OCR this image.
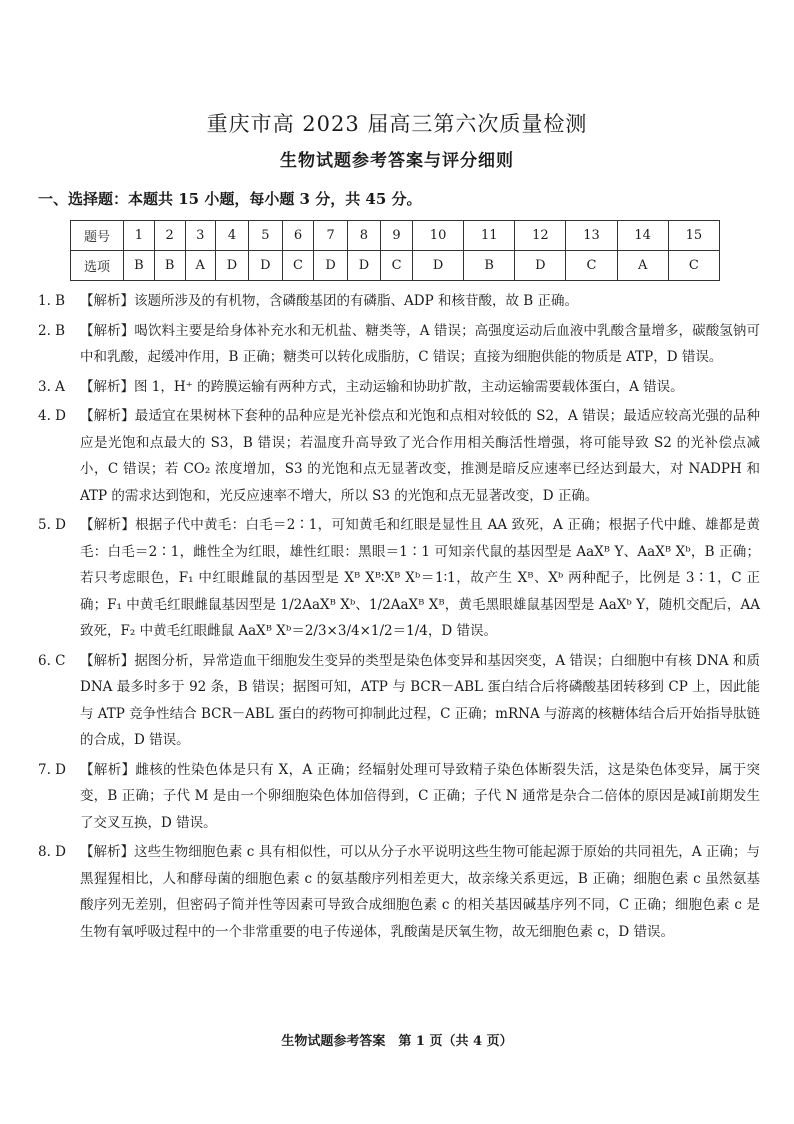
重庆市高 2023 届高三第六次质量检测
生物试题参考答案与评分细则
一、选择题：本题共 15 小题，每小题 3 分，共 45 分。
题号	1	2	3	4	5	6	7	8	9	10	11	12	13	14	15
选项	B	B	A	D	D	C	D	D	C	D	B	D	C	A	C
1. B	【解析】该题所涉及的有机物，含磷酸基团的有磷脂、ADP 和核苷酸，故 B 正确。
2. B	【解析】喝饮料主要是给身体补充水和无机盐、糖类等，A 错误；高强度运动后血液中乳酸含量增多，碳酸氢钠可中和乳酸，起缓冲作用，B 正确；糖类可以转化成脂肪，C 错误；直接为细胞供能的物质是 ATP，D 错误。
3. A	【解析】图 1，H⁺ 的跨膜运输有两种方式，主动运输和协助扩散，主动运输需要载体蛋白，A 错误。
4. D	【解析】最适宜在果树林下套种的品种应是光补偿点和光饱和点相对较低的 S2，A 错误；最适应较高光强的品种应是光饱和点最大的 S3，B 错误；若温度升高导致了光合作用相关酶活性增强，将可能导致 S2 的光补偿点减小，C 错误；若 CO₂ 浓度增加，S3 的光饱和点无显著改变，推测是暗反应速率已经达到最大，对 NADPH 和 ATP 的需求达到饱和，光反应速率不增大，所以 S3 的光饱和点无显著改变，D 正确。
5. D	【解析】根据子代中黄毛：白毛＝2∶1，可知黄毛和红眼是显性且 AA 致死，A 正确；根据子代中雌、雄都是黄毛：白毛＝2∶1，雌性全为红眼，雄性红眼：黑眼＝1∶1 可知亲代鼠的基因型是 AaXᴮ Y、AaXᴮ Xᵇ，B 正确；若只考虑眼色，F₁ 中红眼雌鼠的基因型是 Xᴮ Xᴮ∶Xᴮ Xᵇ＝1∶1，故产生 Xᴮ、Xᵇ 两种配子，比例是 3∶1，C 正确；F₁ 中黄毛红眼雌鼠基因型是 1/2AaXᴮ Xᵇ、1/2AaXᴮ Xᴮ，黄毛黑眼雄鼠基因型是 AaXᵇ Y，随机交配后，AA 致死，F₂ 中黄毛红眼雌鼠 AaXᴮ Xᵇ＝2/3×3/4×1/2＝1/4，D 错误。
6. C	【解析】据图分析，异常造血干细胞发生变异的类型是染色体变异和基因突变，A 错误；白细胞中有核 DNA 和质 DNA 最多时多于 92 条，B 错误；据图可知，ATP 与 BCR－ABL 蛋白结合后将磷酸基团转移到 CP 上，因此能与 ATP 竞争性结合 BCR－ABL 蛋白的药物可抑制此过程，C 正确；mRNA 与游离的核糖体结合后开始指导肽链的合成，D 错误。
7. D	【解析】雌核的性染色体是只有 X，A 正确；经辐射处理可导致精子染色体断裂失活，这是染色体变异，属于突变，B 正确；子代 M 是由一个卵细胞染色体加倍得到，C 正确；子代 N 通常是杂合二倍体的原因是减Ⅰ前期发生了交叉互换，D 错误。
8. D	【解析】这些生物细胞色素 c 具有相似性，可以从分子水平说明这些生物可能起源于原始的共同祖先，A 正确；与黑猩猩相比，人和酵母菌的细胞色素 c 的氨基酸序列相差更大，故亲缘关系更远，B 正确；细胞色素 c 虽然氨基酸序列无差别，但密码子简并性等因素可导致合成细胞色素 c 的相关基因碱基序列不同，C 正确；细胞色素 c 是生物有氧呼吸过程中的一个非常重要的电子传递体，乳酸菌是厌氧生物，故无细胞色素 c，D 错误。
生物试题参考答案　第 1 页（共 4 页）
